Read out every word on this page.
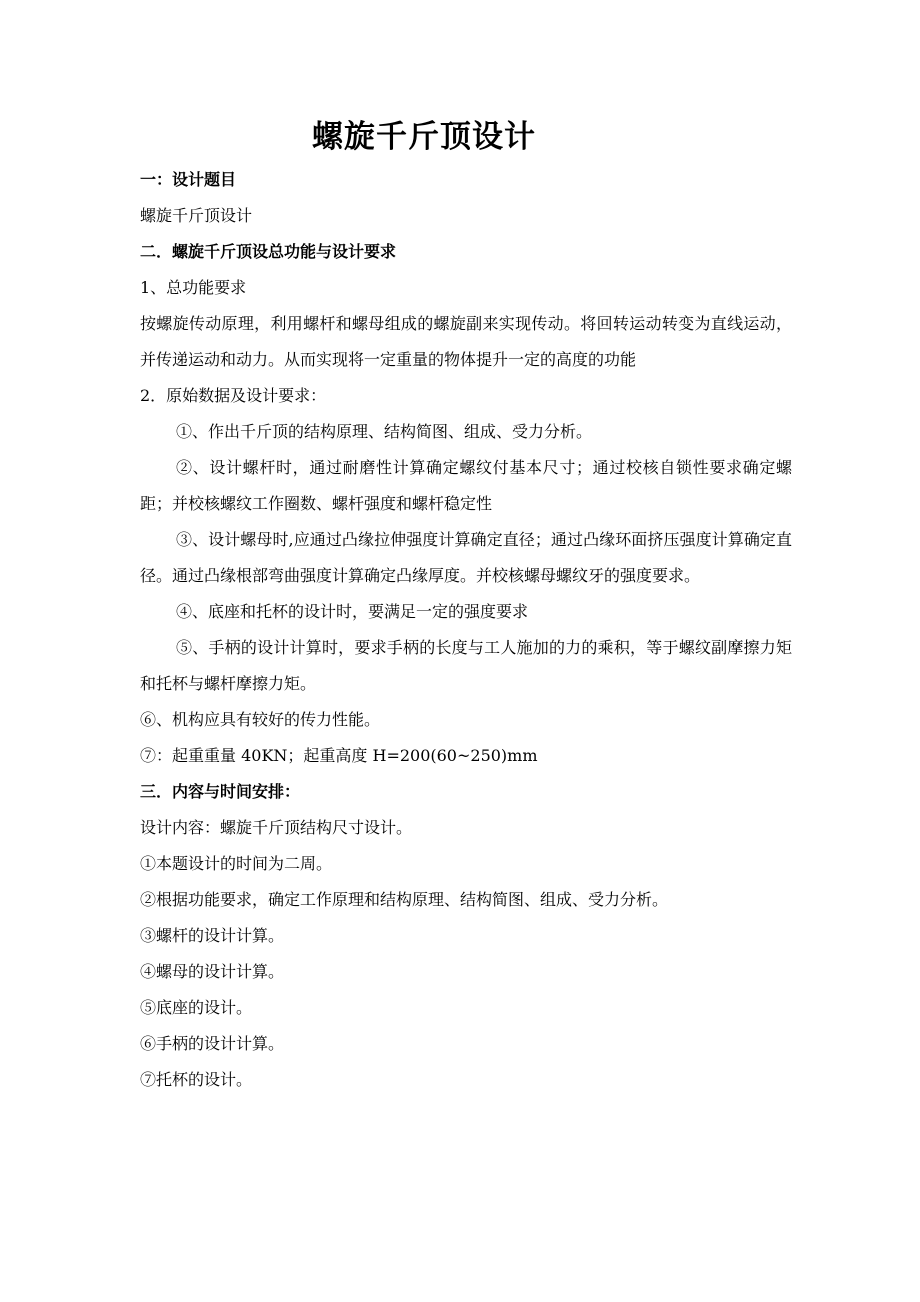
螺旋千斤顶设计
一：设计题目
螺旋千斤顶设计
二．螺旋千斤顶设总功能与设计要求
1、总功能要求
按螺旋传动原理，利用螺杆和螺母组成的螺旋副来实现传动。将回转运动转变为直线运动，并传递运动和动力。从而实现将一定重量的物体提升一定的高度的功能
2．原始数据及设计要求：
①、作出千斤顶的结构原理、结构简图、组成、受力分析。
②、设计螺杆时，通过耐磨性计算确定螺纹付基本尺寸；通过校核自锁性要求确定螺距；并校核螺纹工作圈数、螺杆强度和螺杆稳定性
③、设计螺母时,应通过凸缘拉伸强度计算确定直径；通过凸缘环面挤压强度计算确定直径。通过凸缘根部弯曲强度计算确定凸缘厚度。并校核螺母螺纹牙的强度要求。
④、底座和托杯的设计时，要满足一定的强度要求
⑤、手柄的设计计算时，要求手柄的长度与工人施加的力的乘积，等于螺纹副摩擦力矩和托杯与螺杆摩擦力矩。
⑥、机构应具有较好的传力性能。
⑦：起重重量 40KN；起重高度 H=200(60~250)mm
三．内容与时间安排：
设计内容：螺旋千斤顶结构尺寸设计。
①本题设计的时间为二周。
②根据功能要求，确定工作原理和结构原理、结构简图、组成、受力分析。
③螺杆的设计计算。
④螺母的设计计算。
⑤底座的设计。
⑥手柄的设计计算。
⑦托杯的设计。
